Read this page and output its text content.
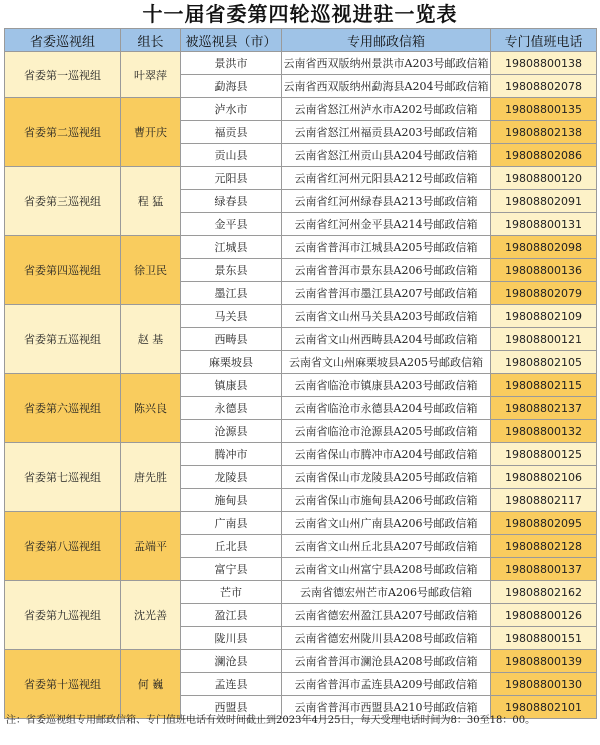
十一届省委第四轮巡视进驻一览表
省委巡视组	组长	被巡视县（市）	专用邮政信箱	专门值班电话
省委第一巡视组	叶翠萍	景洪市	云南省西双版纳州景洪市A203号邮政信箱	19808800138
		勐海县	云南省西双版纳州勐海县A204号邮政信箱	19808802078
省委第二巡视组	曹开庆	泸水市	云南省怒江州泸水市A202号邮政信箱	19808800135
		福贡县	云南省怒江州福贡县A203号邮政信箱	19808802138
		贡山县	云南省怒江州贡山县A204号邮政信箱	19808802086
省委第三巡视组	程 猛	元阳县	云南省红河州元阳县A212号邮政信箱	19808800120
		绿春县	云南省红河州绿春县A213号邮政信箱	19808802091
		金平县	云南省红河州金平县A214号邮政信箱	19808800131
省委第四巡视组	徐卫民	江城县	云南省普洱市江城县A205号邮政信箱	19808802098
		景东县	云南省普洱市景东县A206号邮政信箱	19808800136
		墨江县	云南省普洱市墨江县A207号邮政信箱	19808802079
省委第五巡视组	赵 基	马关县	云南省文山州马关县A203号邮政信箱	19808802109
		西畴县	云南省文山州西畴县A204号邮政信箱	19808800121
		麻栗坡县	云南省文山州麻栗坡县A205号邮政信箱	19808802105
省委第六巡视组	陈兴良	镇康县	云南省临沧市镇康县A203号邮政信箱	19808802115
		永德县	云南省临沧市永德县A204号邮政信箱	19808802137
		沧源县	云南省临沧市沧源县A205号邮政信箱	19808800132
省委第七巡视组	唐先胜	腾冲市	云南省保山市腾冲市A204号邮政信箱	19808800125
		龙陵县	云南省保山市龙陵县A205号邮政信箱	19808802106
		施甸县	云南省保山市施甸县A206号邮政信箱	19808802117
省委第八巡视组	孟端平	广南县	云南省文山州广南县A206号邮政信箱	19808802095
		丘北县	云南省文山州丘北县A207号邮政信箱	19808802128
		富宁县	云南省文山州富宁县A208号邮政信箱	19808800137
省委第九巡视组	沈光善	芒市	云南省德宏州芒市A206号邮政信箱	19808802162
		盈江县	云南省德宏州盈江县A207号邮政信箱	19808800126
		陇川县	云南省德宏州陇川县A208号邮政信箱	19808800151
省委第十巡视组	何 巍	澜沧县	云南省普洱市澜沧县A208号邮政信箱	19808800139
		孟连县	云南省普洱市孟连县A209号邮政信箱	19808800130
		西盟县	云南省普洱市西盟县A210号邮政信箱	19808802101
注：省委巡视组专用邮政信箱、专门值班电话有效时间截止到2023年4月25日，每天受理电话时间为8：30至18：00。
